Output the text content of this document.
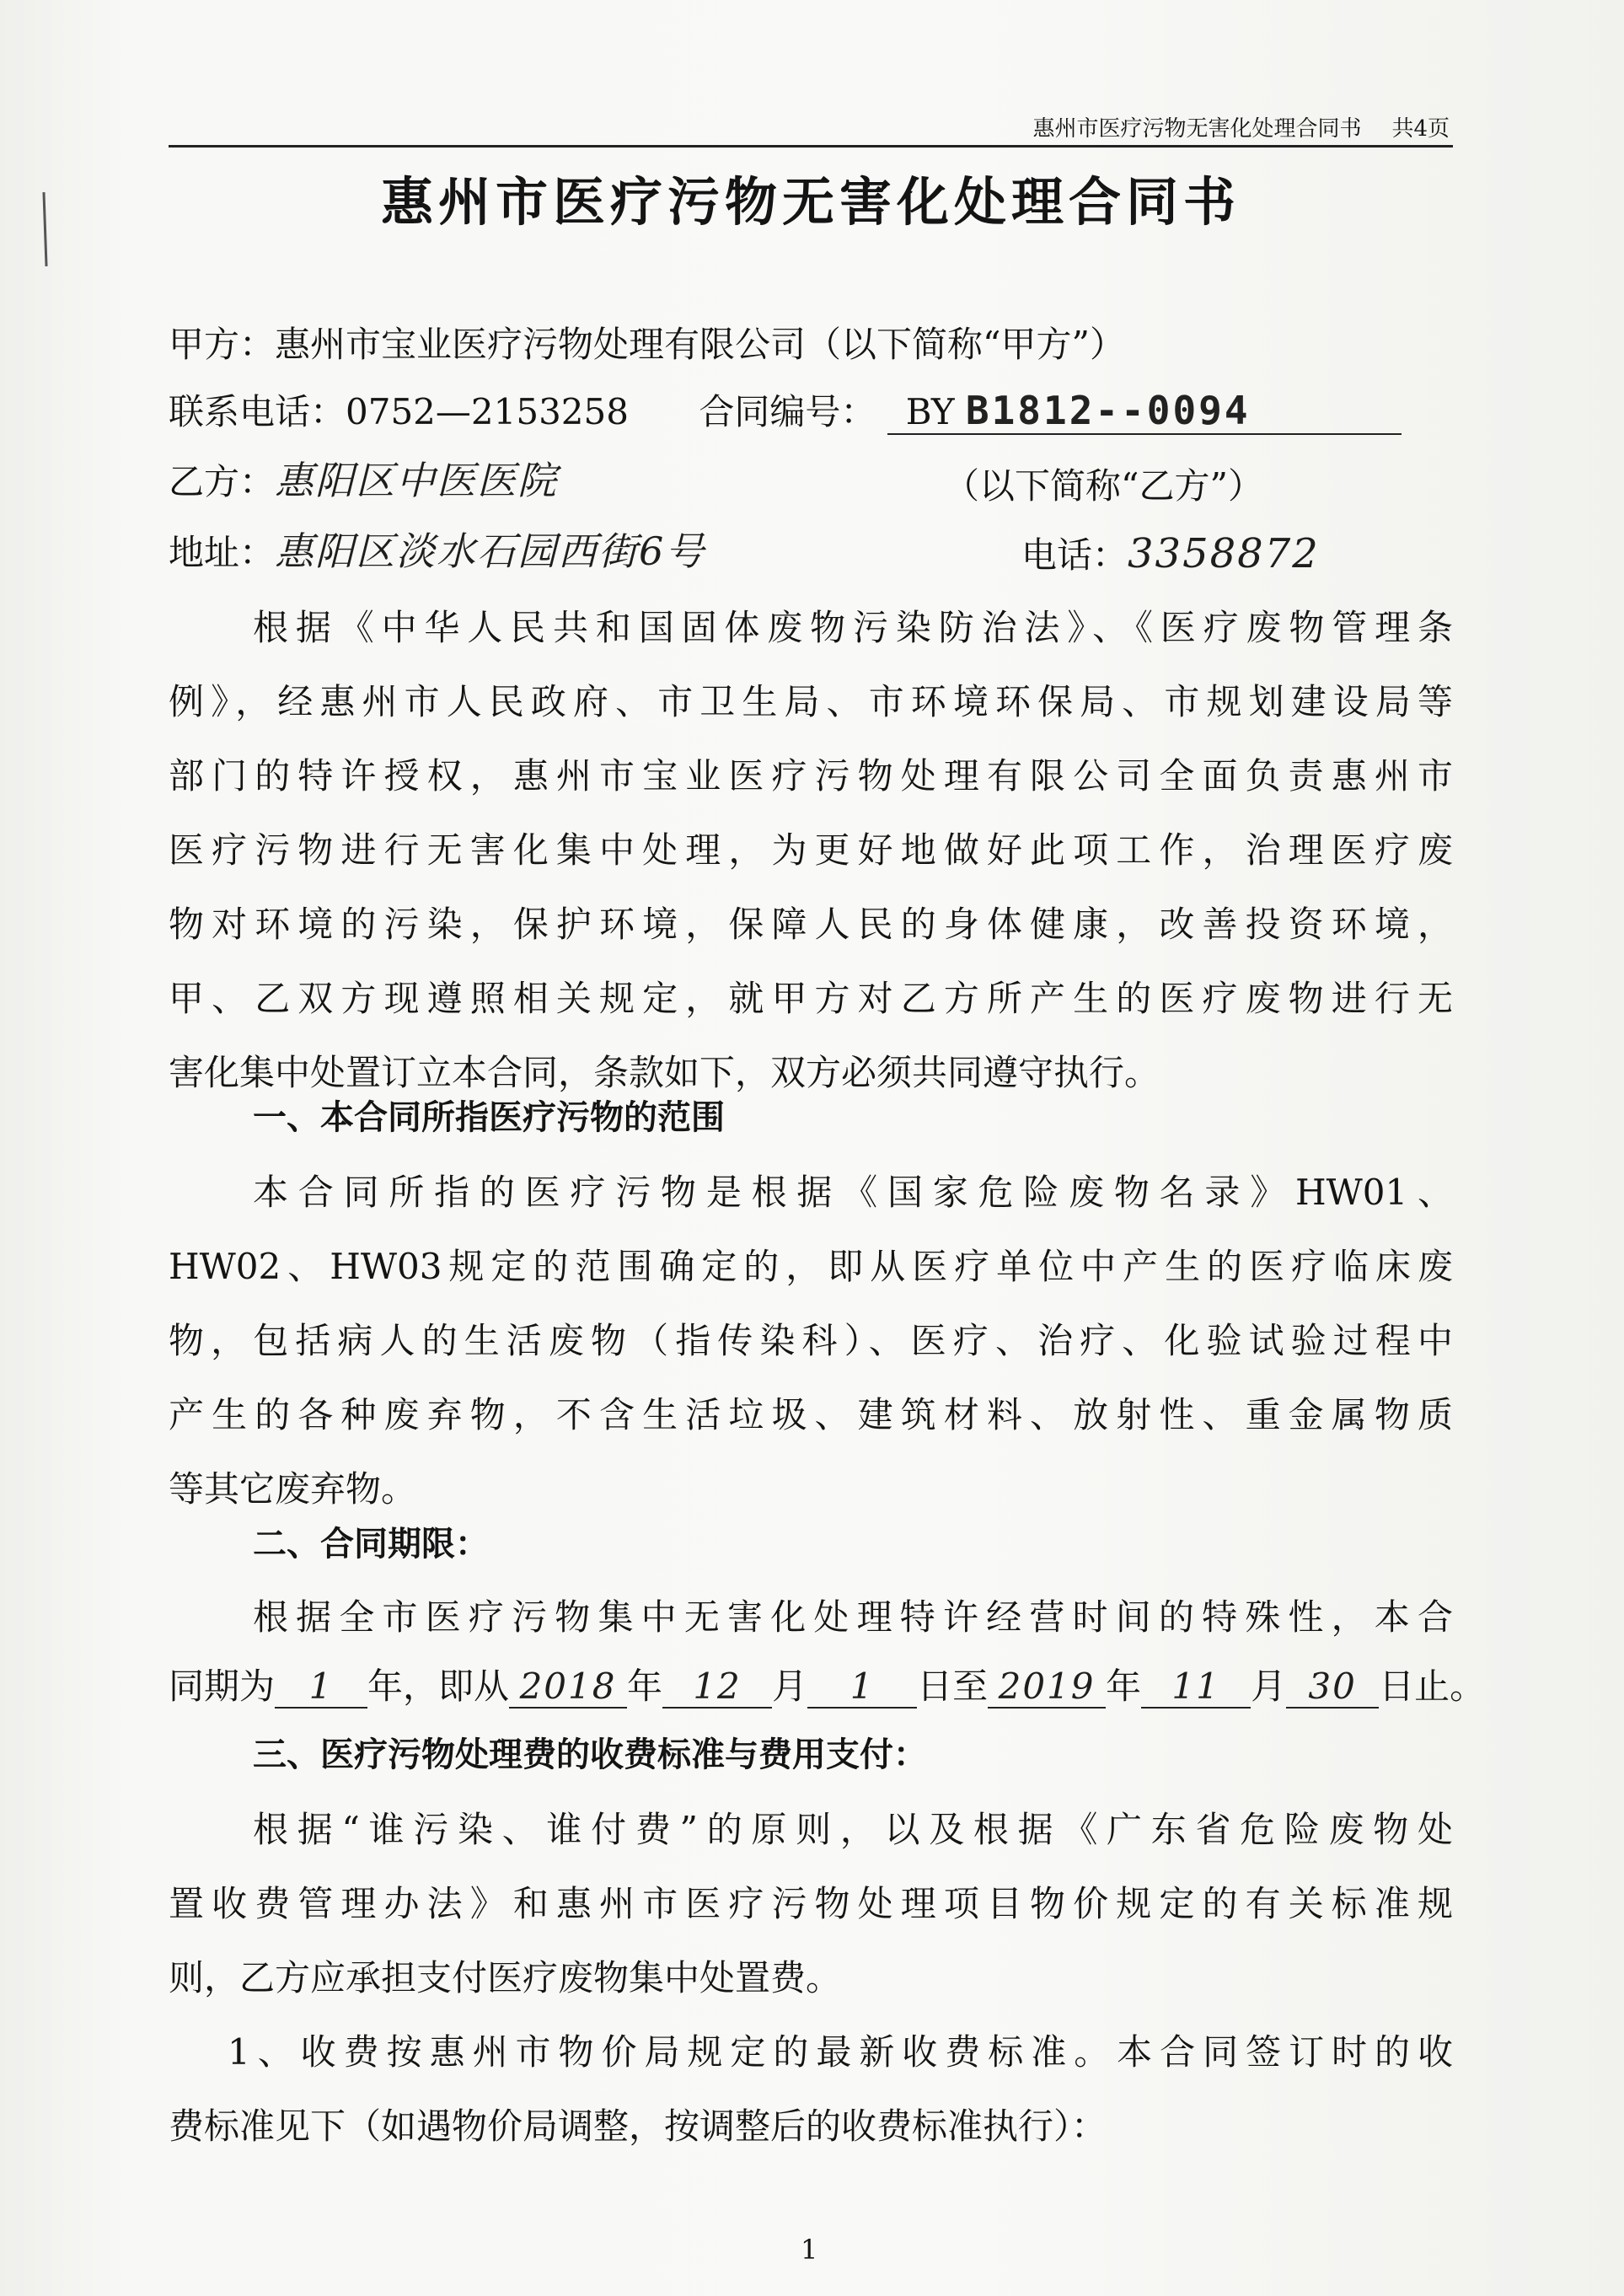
惠州市医疗污物无害化处理合同书 共4页
惠州市医疗污物无害化处理合同书
甲方：惠州市宝业医疗污物处理有限公司（以下简称“甲方”）
联系电话：0752—2153258 合同编号： BY B1812--0094
乙方：惠阳区中医医院	（以下简称“乙方”）
地址：惠阳区淡水石园西街6号	电话：3358872
根据《中华人民共和国固体废物污染防治法》、《医疗废物管理条
例》，经惠州市人民政府、市卫生局、市环境环保局、市规划建设局等
部门的特许授权，惠州市宝业医疗污物处理有限公司全面负责惠州市
医疗污物进行无害化集中处理，为更好地做好此项工作，治理医疗废
物对环境的污染，保护环境，保障人民的身体健康，改善投资环境，
甲、乙双方现遵照相关规定，就甲方对乙方所产生的医疗废物进行无
害化集中处置订立本合同，条款如下，双方必须共同遵守执行。
一、本合同所指医疗污物的范围
本合同所指的医疗污物是根据《国家危险废物名录》HW01、
HW02、HW03规定的范围确定的，即从医疗单位中产生的医疗临床废
物，包括病人的生活废物（指传染科）、医疗、治疗、化验试验过程中
产生的各种废弃物，不含生活垃圾、建筑材料、放射性、重金属物质
等其它废弃物。
二、合同期限：
根据全市医疗污物集中无害化处理特许经营时间的特殊性，本合
同期为 1 年，即从 2018 年 12 月 1 日至 2019 年 11 月 30 日止。
三、医疗污物处理费的收费标准与费用支付：
根据“谁污染、谁付费”的原则，以及根据《广东省危险废物处
置收费管理办法》和惠州市医疗污物处理项目物价规定的有关标准规
则，乙方应承担支付医疗废物集中处置费。
1、收费按惠州市物价局规定的最新收费标准。本合同签订时的收
费标准见下（如遇物价局调整，按调整后的收费标准执行）：
1
